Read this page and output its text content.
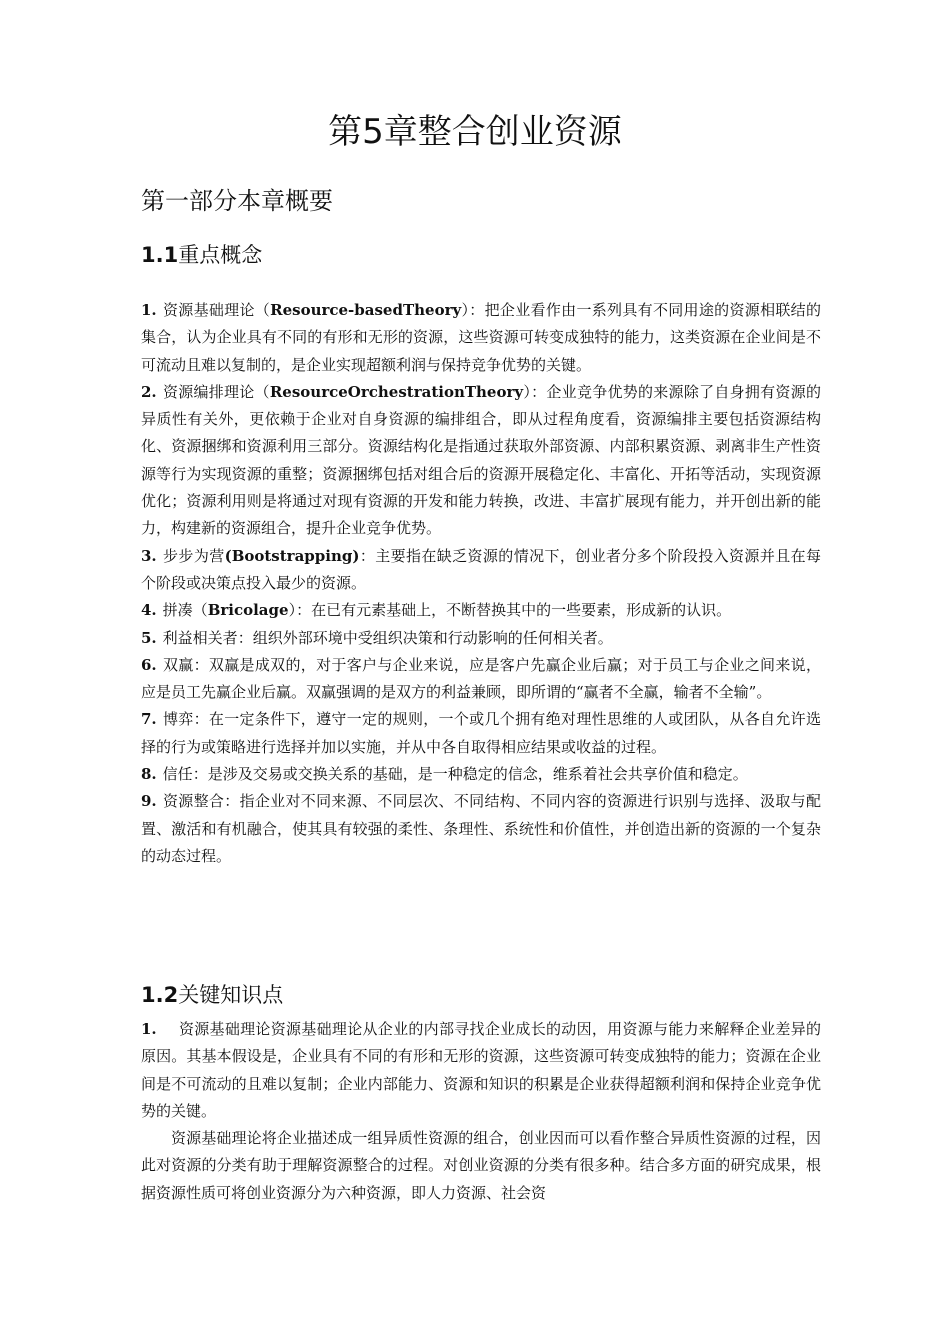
第5章整合创业资源
第一部分本章概要
1.1重点概念

1. 资源基础理论（Resource-basedTheory）：把企业看作由一系列具有不同用途的资源相联结的集合，认为企业具有不同的有形和无形的资源，这些资源可转变成独特的能力，这类资源在企业间是不可流动且难以复制的，是企业实现超额利润与保持竞争优势的关键。

2. 资源编排理论（ResourceOrchestrationTheory）：企业竞争优势的来源除了自身拥有资源的异质性有关外，更依赖于企业对自身资源的编排组合，即从过程角度看，资源编排主要包括资源结构化、资源捆绑和资源利用三部分。资源结构化是指通过获取外部资源、内部积累资源、剥离非生产性资源等行为实现资源的重整；资源捆绑包括对组合后的资源开展稳定化、丰富化、开拓等活动，实现资源优化；资源利用则是将通过对现有资源的开发和能力转换，改进、丰富扩展现有能力，并开创出新的能力，构建新的资源组合，提升企业竞争优势。

3. 步步为营(Bootstrapping)：主要指在缺乏资源的情况下，创业者分多个阶段投入资源并且在每个阶段或决策点投入最少的资源。

4. 拼凑（Bricolage）：在已有元素基础上，不断替换其中的一些要素，形成新的认识。

5. 利益相关者：组织外部环境中受组织决策和行动影响的任何相关者。

6. 双赢：双赢是成双的，对于客户与企业来说，应是客户先赢企业后赢；对于员工与企业之间来说，应是员工先赢企业后赢。双赢强调的是双方的利益兼顾，即所谓的“赢者不全赢，输者不全输”。

7. 博弈：在一定条件下，遵守一定的规则，一个或几个拥有绝对理性思维的人或团队，从各自允许选择的行为或策略进行选择并加以实施，并从中各自取得相应结果或收益的过程。

8. 信任：是涉及交易或交换关系的基础，是一种稳定的信念，维系着社会共享价值和稳定。

9. 资源整合：指企业对不同来源、不同层次、不同结构、不同内容的资源进行识别与选择、汲取与配置、激活和有机融合，使其具有较强的柔性、条理性、系统性和价值性，并创造出新的资源的一个复杂的动态过程。

1.2关键知识点

1. 资源基础理论资源基础理论从企业的内部寻找企业成长的动因，用资源与能力来解释企业差异的原因。其基本假设是，企业具有不同的有形和无形的资源，这些资源可转变成独特的能力；资源在企业间是不可流动的且难以复制；企业内部能力、资源和知识的积累是企业获得超额利润和保持企业竞争优势的关键。

资源基础理论将企业描述成一组异质性资源的组合，创业因而可以看作整合异质性资源的过程，因此对资源的分类有助于理解资源整合的过程。对创业资源的分类有很多种。结合多方面的研究成果，根据资源性质可将创业资源分为六种资源，即人力资源、社会资
